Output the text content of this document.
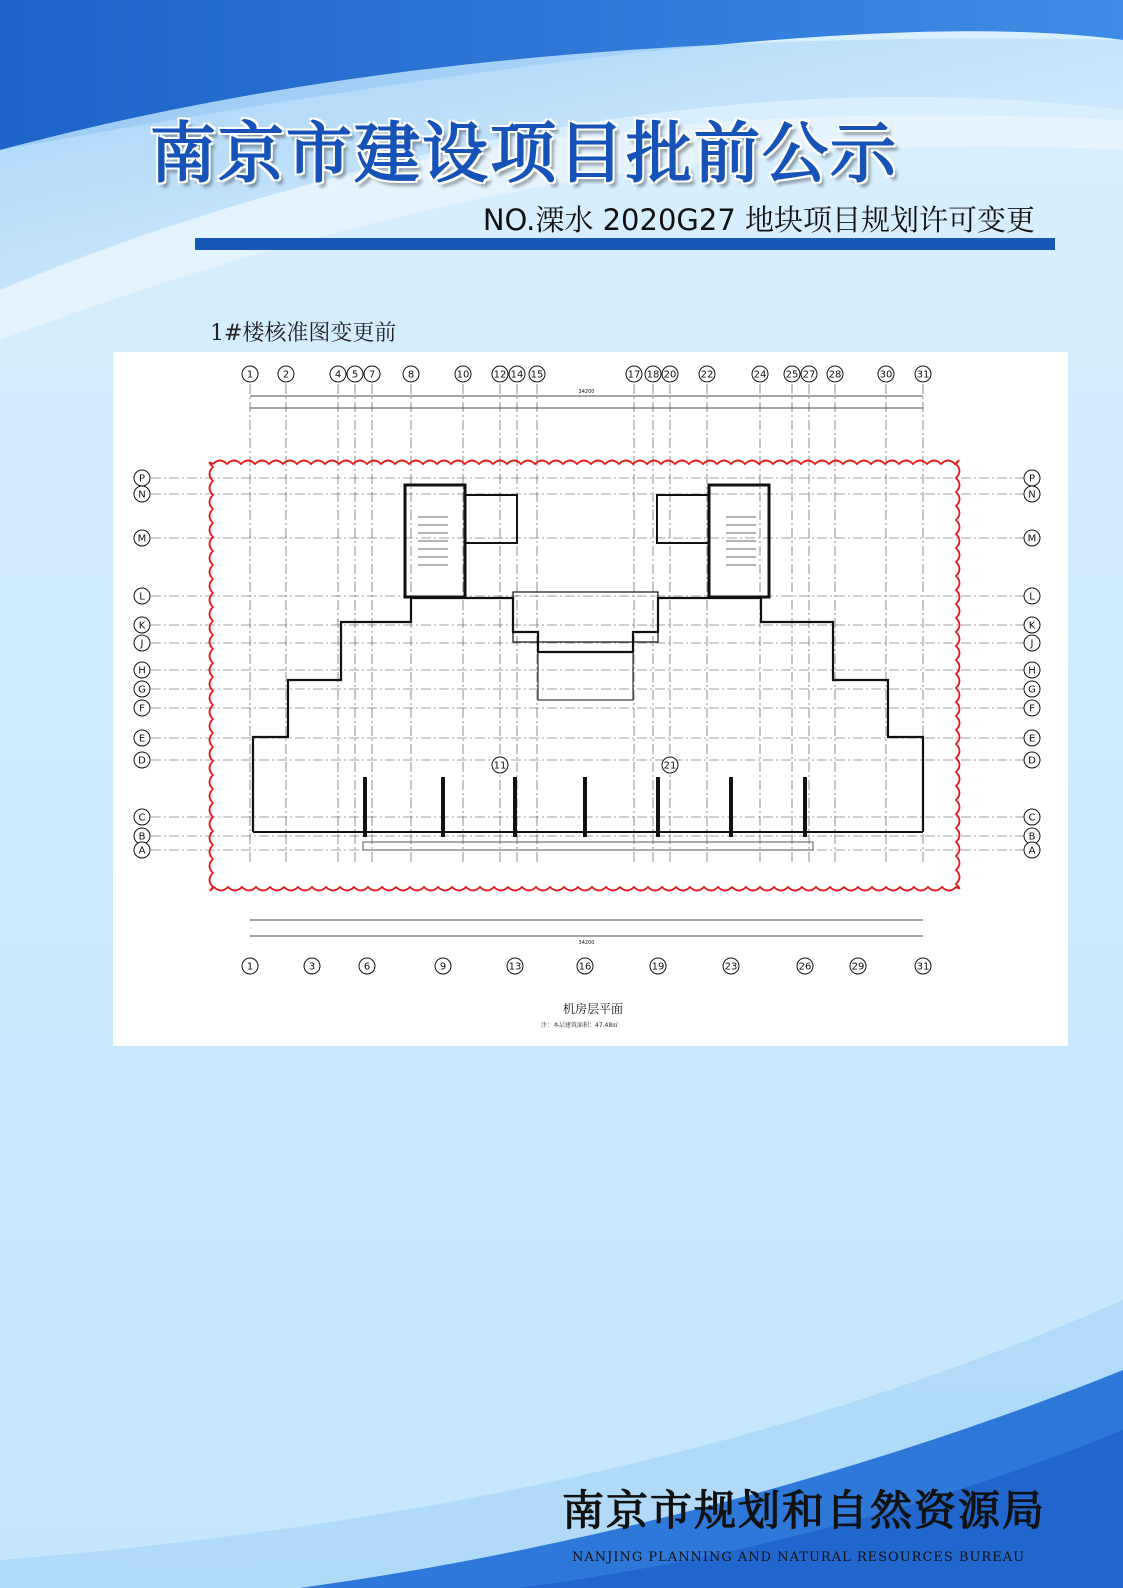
南京市建设项目批前公示
NO.溧水 2020G27 地块项目规划许可变更
1#楼核准图变更前
1	2	4 5 7	8	10 12 14 15	17 18 20 22	24 25 27 28	30 31
1	3	6	9	13	16	19	23	26	29	31
P	P
N	N
M	M
L	L
K	K
J	J
H	H
G	G
F	F
E	E
D	D
C	C
B	B
A	A
34200
34200
11	21
机房层平面
注：本层建筑面积：47.48㎡
南京市规划和自然资源局
NANJING PLANNING AND NATURAL RESOURCES BUREAU
